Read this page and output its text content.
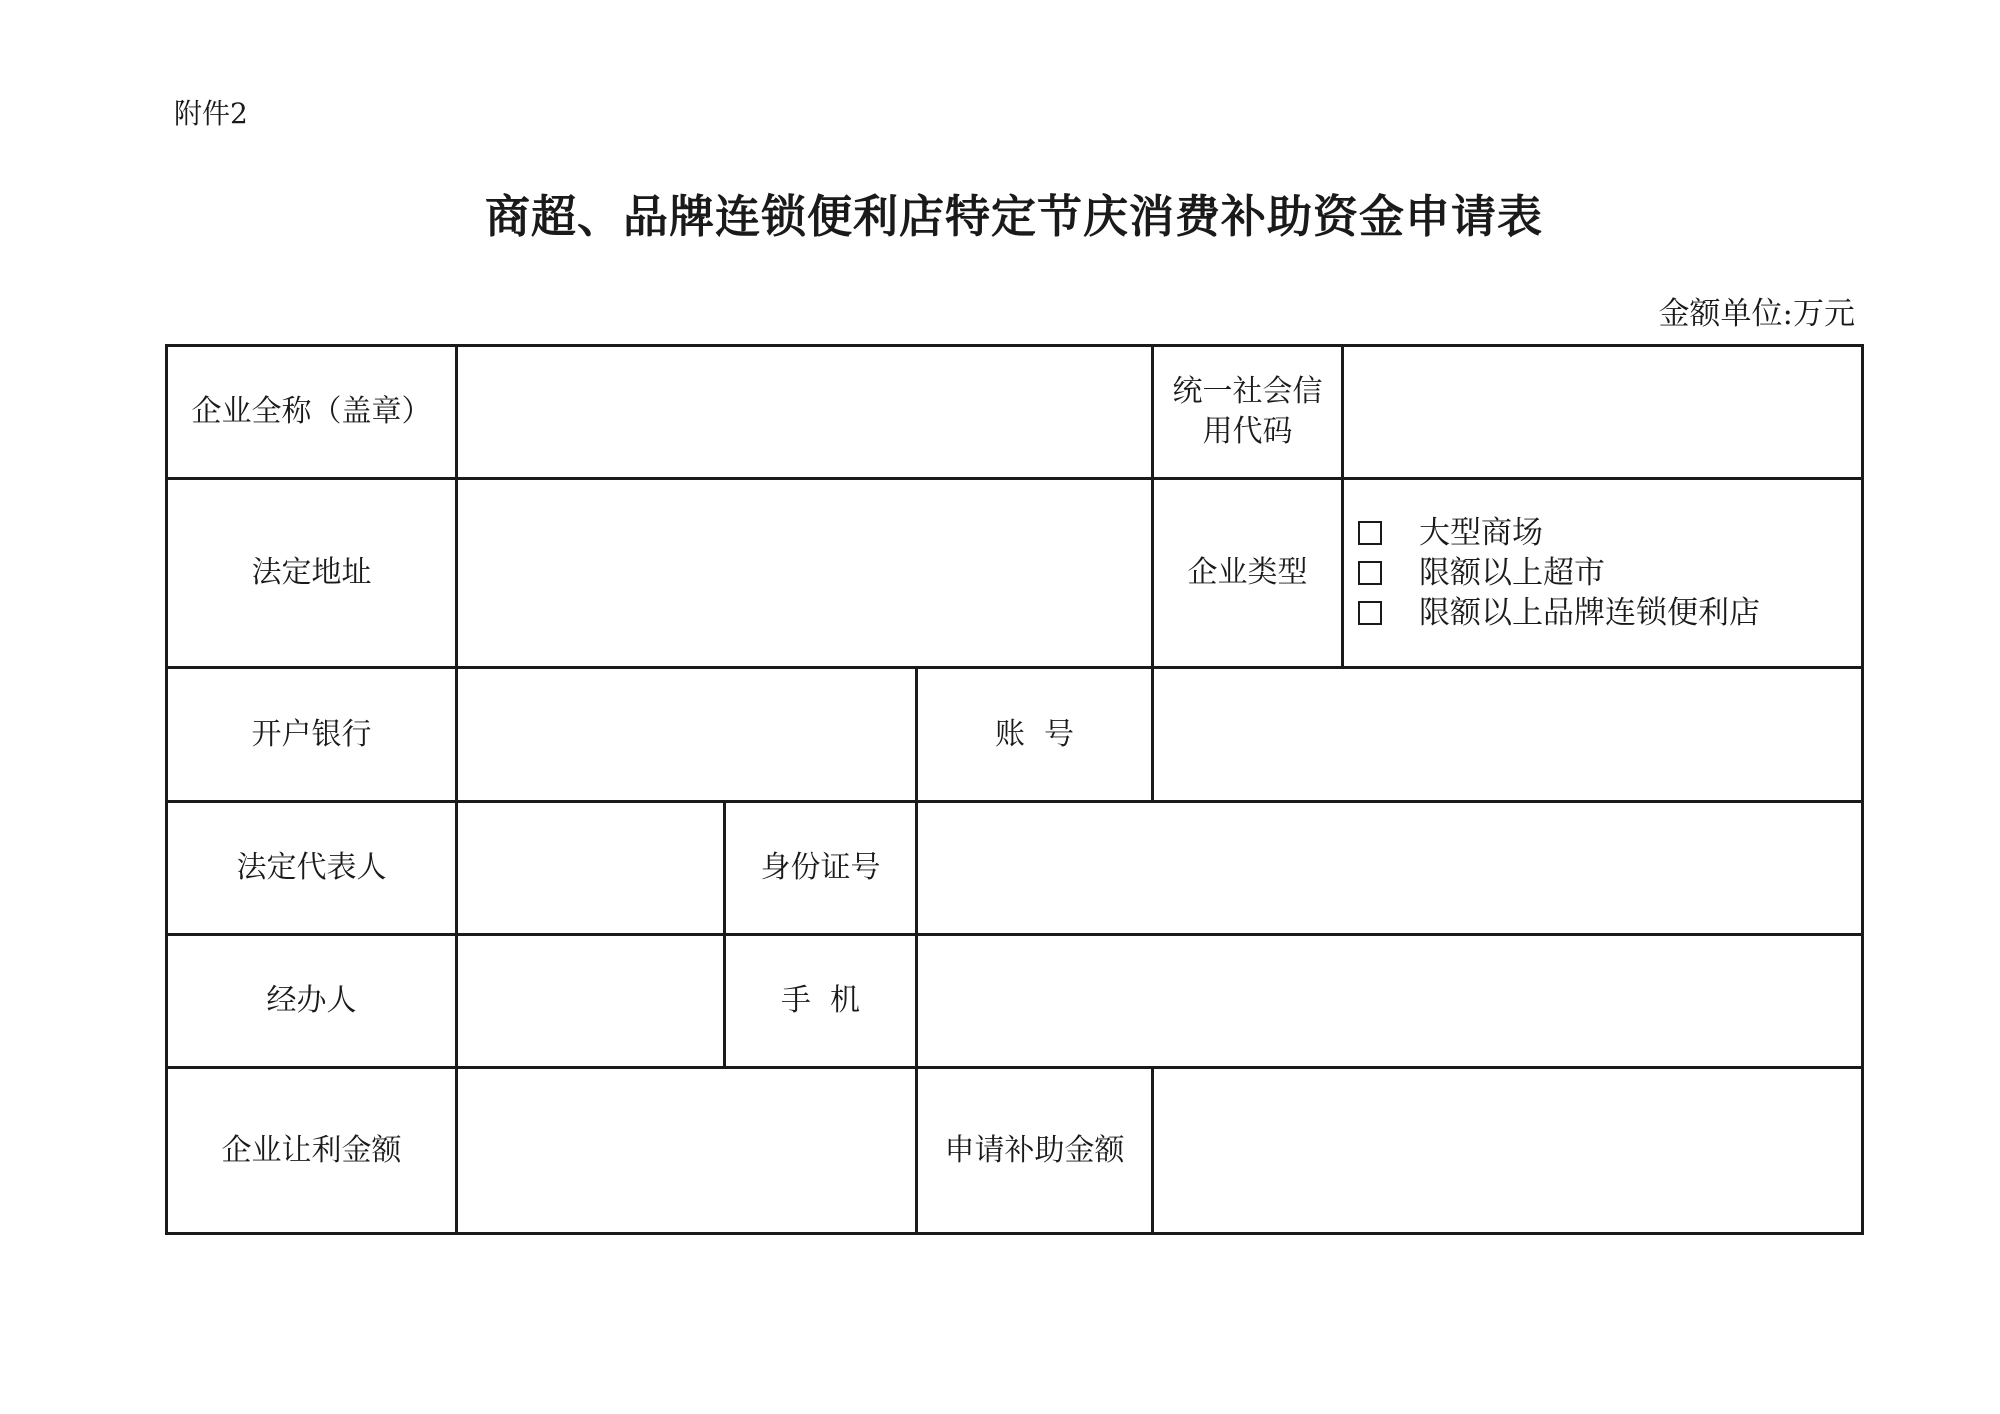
附件2
商超、品牌连锁便利店特定节庆消费补助资金申请表
金额单位:万元
企业全称（盖章）				统一社会信
用代码	

法定地址				企业类型	大型商场
限额以上超市
限额以上品牌连锁便利店

开户银行			账  号		

法定代表人		身份证号			

经办人		手  机			

企业让利金额			申请补助金额		
